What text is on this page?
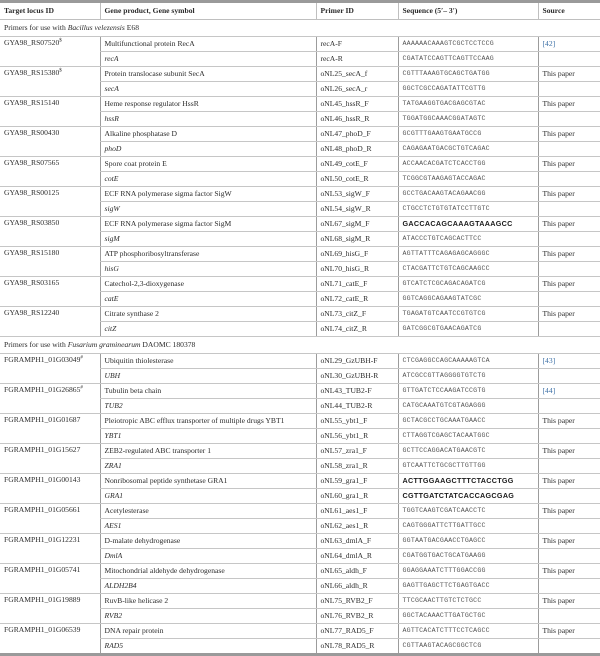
Target locus ID	Gene product, Gene symbol	Primer ID	Sequence (5′– 3′)	Source
Primers for use with Bacillus velezensis E68				
GYA98_RS07520$	Multifunctional protein RecA	recA-F	AAAAAACAAAGTCGCTCCTCCG	[42]
	recA	recA-R	CGATATCCAGTTCAGTTCCAAG	
GYA98_RS15380$	Protein translocase subunit SecA	oNL25_secA_f	CGTTTAAAGTGCAGCTGATGG	This paper
	secA	oNL26_secA_r	GGCTCGCCAGATATTCGTTG	
GYA98_RS15140	Heme response regulator HssR	oNL45_hssR_F	TATGAAGGTGACGAGCGTAC	This paper
	hssR	oNL46_hssR_R	TGGATGGCAAACGGATAGTC	
GYA98_RS00430	Alkaline phosphatase D	oNL47_phoD_F	GCGTTTGAAGTGAATGCCG	This paper
	phoD	oNL48_phoD_R	CAGAGAATGACGCTGTCAGAC	
GYA98_RS07565	Spore coat protein E	oNL49_cotE_F	ACCAACACGATCTCACCTGG	This paper
	cotE	oNL50_cotE_R	TCGGCGTAAGAGTACCAGAC	
GYA98_RS00125	ECF RNA polymerase sigma factor SigW	oNL53_sigW_F	GCCTGACAAGTACAGAACGG	This paper
	sigW	oNL54_sigW_R	CTGCCTCTGTGTATCCTTGTC	
GYA98_RS03850	ECF RNA polymerase sigma factor SigM	oNL67_sigM_F	GACCACAGCAAAGTAAAGCC	This paper
	sigM	oNL68_sigM_R	ATACCCTGTCAGCACTTCC	
GYA98_RS15180	ATP phosphoribosyltransferase	oNL69_hisG_F	AGTTATTTCAGAGAGCAGGGC	This paper
	hisG	oNL70_hisG_R	CTACGATTCTGTCAGCAAGCC	
GYA98_RS03165	Catechol-2,3-dioxygenase	oNL71_catE_F	GTCATCTCGCAGACAGATCG	This paper
	catE	oNL72_catE_R	GGTCAGGCAGAAGTATCGC	
GYA98_RS12240	Citrate synthase 2	oNL73_citZ_F	TGAGATGTCAATCCGTGTCG	This paper
	citZ	oNL74_citZ_R	GATCGGCGTGAACAGATCG	
Primers for use with Fusarium graminearum DAOMC 180378				
FGRAMPH1_01G03049#	Ubiquitin thiolesterase	oNL29_GzUBH-F	CTCGAGGCCAGCAAAAAGTCA	[43]
	UBH	oNL30_GzUBH-R	ATCGCCGTTAGGGGTGTCTG	
FGRAMPH1_01G26865#	Tubulin beta chain	oNL43_TUB2-F	GTTGATCTCCAAGATCCGTG	[44]
	TUB2	oNL44_TUB2-R	CATGCAAATGTCGTAGAGGG	
FGRAMPH1_01G01687	Pleiotropic ABC efflux transporter of multiple drugs YBT1	oNL55_ybt1_F	GCTACGCCTGCAAATGAACC	This paper
	YBT1	oNL56_ybt1_R	CTTAGGTCGAGCTACAATGGC	
FGRAMPH1_01G15627	ZEB2-regulated ABC transporter 1	oNL57_zra1_F	GCTTCCAGGACATGAACGTC	This paper
	ZRA1	oNL58_zra1_R	GTCAATTCTGCGCTTGTTGG	
FGRAMPH1_01G00143	Nonribosomal peptide synthetase GRA1	oNL59_gra1_F	ACTTGGAAGCTTTCTACCTGG	This paper
	GRA1	oNL60_gra1_R	CGTTGATCTATCACCAGCGAG	
FGRAMPH1_01G05661	Acetylesterase	oNL61_aes1_F	TGGTCAAGTCGATCAACCTC	This paper
	AES1	oNL62_aes1_R	CAGTGGGATTCTTGATTGCC	
FGRAMPH1_01G12231	D-malate dehydrogenase	oNL63_dmlA_F	GGTAATGACGAACCTGAGCC	This paper
	DmlA	oNL64_dmlA_R	CGATGGTGACTGCATGAAGG	
FGRAMPH1_01G05741	Mitochondrial aldehyde dehydrogenase	oNL65_aldh_F	GGAGGAAATCTTTGGACCGG	This paper
	ALDH2B4	oNL66_aldh_R	GAGTTGAGCTTCTGAGTGACC	
FGRAMPH1_01G19889	RuvB-like helicase 2	oNL75_RVB2_F	TTCGCAACTTGTCTCTGCC	This paper
	RVB2	oNL76_RVB2_R	GGCTACAAACTTGATGCTGC	
FGRAMPH1_01G06539	DNA repair protein	oNL77_RAD5_F	AGTTCACATCTTTCCTCAGCC	This paper
	RAD5	oNL78_RAD5_R	CGTTAAGTACAGCGGCTCG	
